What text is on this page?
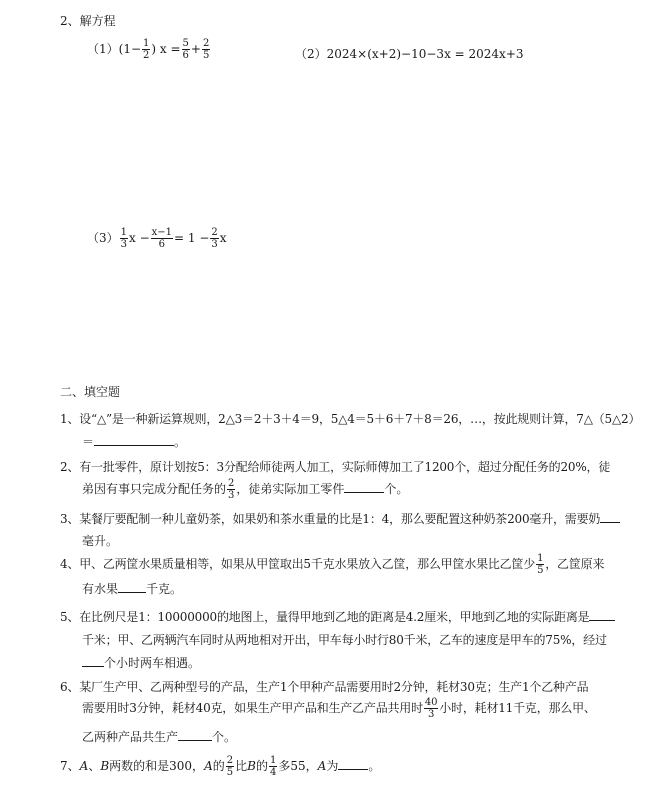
2、解方程
$(1)(1- \frac{1}{2}$ ) $x = \frac{5}{6} + \frac{2}{5}$	（2）2024×(x+2)−10−3x = 2024x+3
$(3) \frac{1}{3}$ $x - \frac{x-1}{6} = 1 - \frac{2}{3}$ x
二、填空题
1、设“△”是一种新运算规则，2△3＝2＋3＋4＝9，5△4＝5＋6＋7＋8＝26，…，按此规则计算，7△（5△2）
＝	。
2、有一批零件，原计划按5：3分配给师徒两人加工，实际师傅加工了1200个，超过分配任务的20%，徒
弟因有事只完成分配任务的 $\frac{2}{3}$ ，徒弟实际加工零件	个。
3、某餐厅要配制一种儿童奶茶，如果奶和茶水重量的比是1：4，那么要配置这种奶茶200毫升，需要奶
毫升。
4、甲、乙两筐水果质量相等，如果从甲筐取出5千克水果放入乙筐，那么甲筐水果比乙筐少 $\frac{1}{5}$ ，乙筐原来
有水果 千克。
5、在比例尺是1：10000000的地图上，量得甲地到乙地的距离是4.2厘米，甲地到乙地的实际距离是
千米；甲、乙两辆汽车同时从两地相对开出，甲车每小时行80千米，乙车的速度是甲车的75%，经过
个小时两车相遇。
6、某厂生产甲、乙两种型号的产品，生产1个甲种产品需要用时2分钟，耗材30克；生产1个乙种产品
需要用时3分钟，耗材40克，如果生产甲产品和生产乙产品共用时 $\frac{40}{3}$ 小时，耗材11千克，那么甲、
乙两种产品共生产	个。
7、A、B两数的和是300，A的 $\frac{2}{5}$ 比B的 $\frac{1}{4}$ 多55，A为	。
